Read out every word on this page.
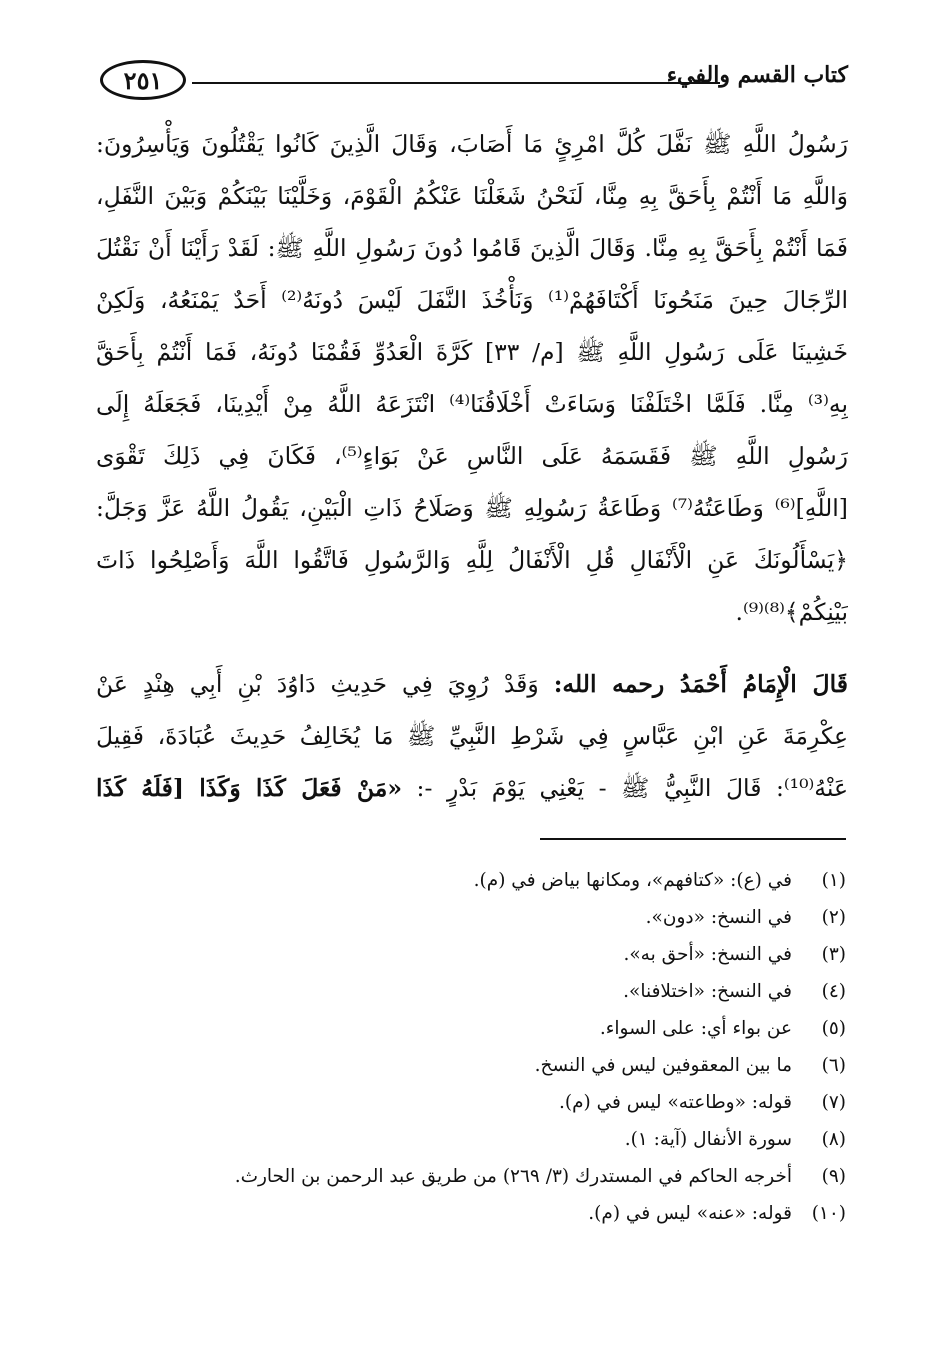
٢٥١	كتاب القسم والفيء
رَسُولُ اللَّهِ ﷺ نَفَّلَ كُلَّ امْرِئٍ مَا أَصَابَ، وَقَالَ الَّذِينَ كَانُوا يَقْتُلُونَ وَيَأْسِرُونَ:
وَاللَّهِ مَا أَنْتُمْ بِأَحَقَّ بِهِ مِنَّا، لَنَحْنُ شَغَلْنَا عَنْكُمُ الْقَوْمَ، وَخَلَّيْنَا بَيْنَكُمْ وَبَيْنَ النَّفَلِ،
فَمَا أَنْتُمْ بِأَحَقَّ بِهِ مِنَّا. وَقَالَ الَّذِينَ قَامُوا دُونَ رَسُولِ اللَّهِ ﷺ: لَقَدْ رَأَيْنَا أَنْ نَقْتُلَ
الرِّجَالَ حِينَ مَنَحُونَا أَكْتَافَهُمْ⁽¹⁾ وَنَأْخُذَ النَّفَلَ لَيْسَ دُونَهُ⁽²⁾ أَحَدٌ يَمْنَعُهُ، وَلَكِنْ
خَشِينَا عَلَى رَسُولِ اللَّهِ ﷺ [م/ ٣٣] كَرَّةَ الْعَدُوِّ فَقُمْنَا دُونَهُ، فَمَا أَنْتُمْ بِأَحَقَّ
بِهِ⁽³⁾ مِنَّا. فَلَمَّا اخْتَلَفْنَا وَسَاءَتْ أَخْلَاقُنَا⁽⁴⁾ انْتَزَعَهُ اللَّهُ مِنْ أَيْدِينَا، فَجَعَلَهُ إِلَى
رَسُولِ اللَّهِ ﷺ فَقَسَمَهُ عَلَى النَّاسِ عَنْ بَوَاءٍ⁽⁵⁾، فَكَانَ فِي ذَلِكَ تَقْوَى
[اللَّهِ]⁽⁶⁾ وَطَاعَتُهُ⁽⁷⁾ وَطَاعَةُ رَسُولِهِ ﷺ وَصَلَاحُ ذَاتِ الْبَيْنِ، يَقُولُ اللَّهُ عَزَّ وَجَلَّ:
﴿يَسْأَلُونَكَ عَنِ الْأَنْفَالِ قُلِ الْأَنْفَالُ لِلَّهِ وَالرَّسُولِ فَاتَّقُوا اللَّهَ وَأَصْلِحُوا ذَاتَ
بَيْنِكُمْ﴾⁽⁸⁾⁽⁹⁾.
قَالَ الْإِمَامُ أَحْمَدُ رحمه الله: وَقَدْ رُوِيَ فِي حَدِيثِ دَاوُدَ بْنِ أَبِي هِنْدٍ عَنْ
عِكْرِمَةَ عَنِ ابْنِ عَبَّاسٍ فِي شَرْطِ النَّبِيِّ ﷺ مَا يُخَالِفُ حَدِيثَ عُبَادَةَ، فَقِيلَ
عَنْهُ⁽¹⁰⁾: قَالَ النَّبِيُّ ﷺ - يَعْنِي يَوْمَ بَدْرٍ -: «مَنْ فَعَلَ كَذَا وَكَذَا [فَلَهُ كَذَا
(١)
في (ع): «كتافهم»، ومكانها بياض في (م).
(٢)
في النسخ: «دون».
(٣)
في النسخ: «أحق به».
(٤)
في النسخ: «اختلافنا».
(٥)
عن بواء أي: على السواء.
(٦)
ما بين المعقوفين ليس في النسخ.
(٧)
قوله: «وطاعته» ليس في (م).
(٨)
سورة الأنفال (آية: ١).
(٩)
أخرجه الحاكم في المستدرك (٣/ ٢٦٩) من طريق عبد الرحمن بن الحارث.
(١٠)
قوله: «عنه» ليس في (م).
